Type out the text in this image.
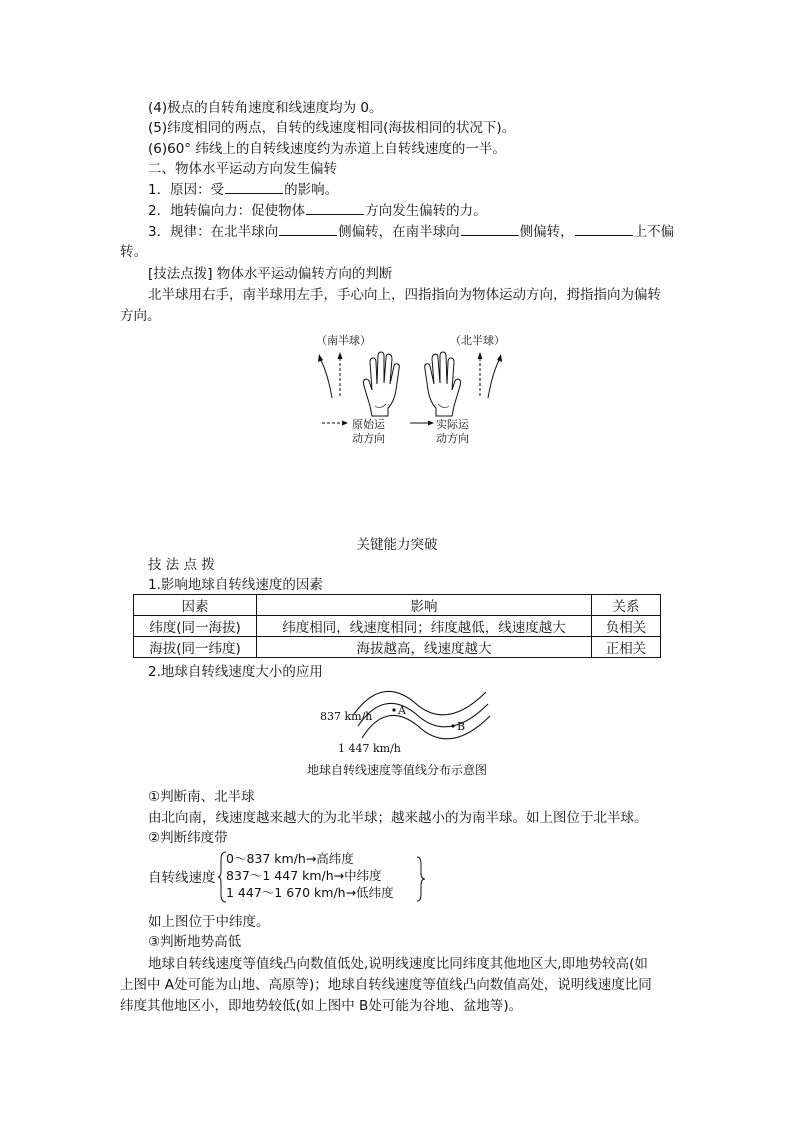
(4)极点的自转角速度和线速度均为 0。
(5)纬度相同的两点，自转的线速度相同(海拔相同的状况下)。
(6)60° 纬线上的自转线速度约为赤道上自转线速度的一半。
二、物体水平运动方向发生偏转
1．原因：受	的影响。
2．地转偏向力：促使物体	方向发生偏转的力。
3．规律：在北半球向	侧偏转，在南半球向	侧偏转，	上不偏
转。
[技法点拨] 物体水平运动偏转方向的判断
北半球用右手，南半球用左手，手心向上，四指指向为物体运动方向，拇指指向为偏转
方向。
（南半球）	（北半球）
原始运
动方向
实际运
动方向
关键能力突破
技 法 点 拨
1.影响地球自转线速度的因素
因素	影响	关系
纬度(同一海拔)	纬度相同，线速度相同；纬度越低，线速度越大	负相关
海拔(同一纬度)	海拔越高，线速度越大	正相关
2.地球自转线速度大小的应用
837 km/h
1 447 km/h
A
B
地球自转线速度等值线分布示意图
①判断南、北半球
由北向南，线速度越来越大的为北半球；越来越小的为南半球。如上图位于北半球。
②判断纬度带
自转线速度
0～837 km/h→高纬度
837～1 447 km/h→中纬度
1 447～1 670 km/h→低纬度
如上图位于中纬度。
③判断地势高低
地球自转线速度等值线凸向数值低处,说明线速度比同纬度其他地区大,即地势较高(如
上图中 A处可能为山地、高原等)；地球自转线速度等值线凸向数值高处，说明线速度比同
纬度其他地区小，即地势较低(如上图中 B处可能为谷地、盆地等)。
